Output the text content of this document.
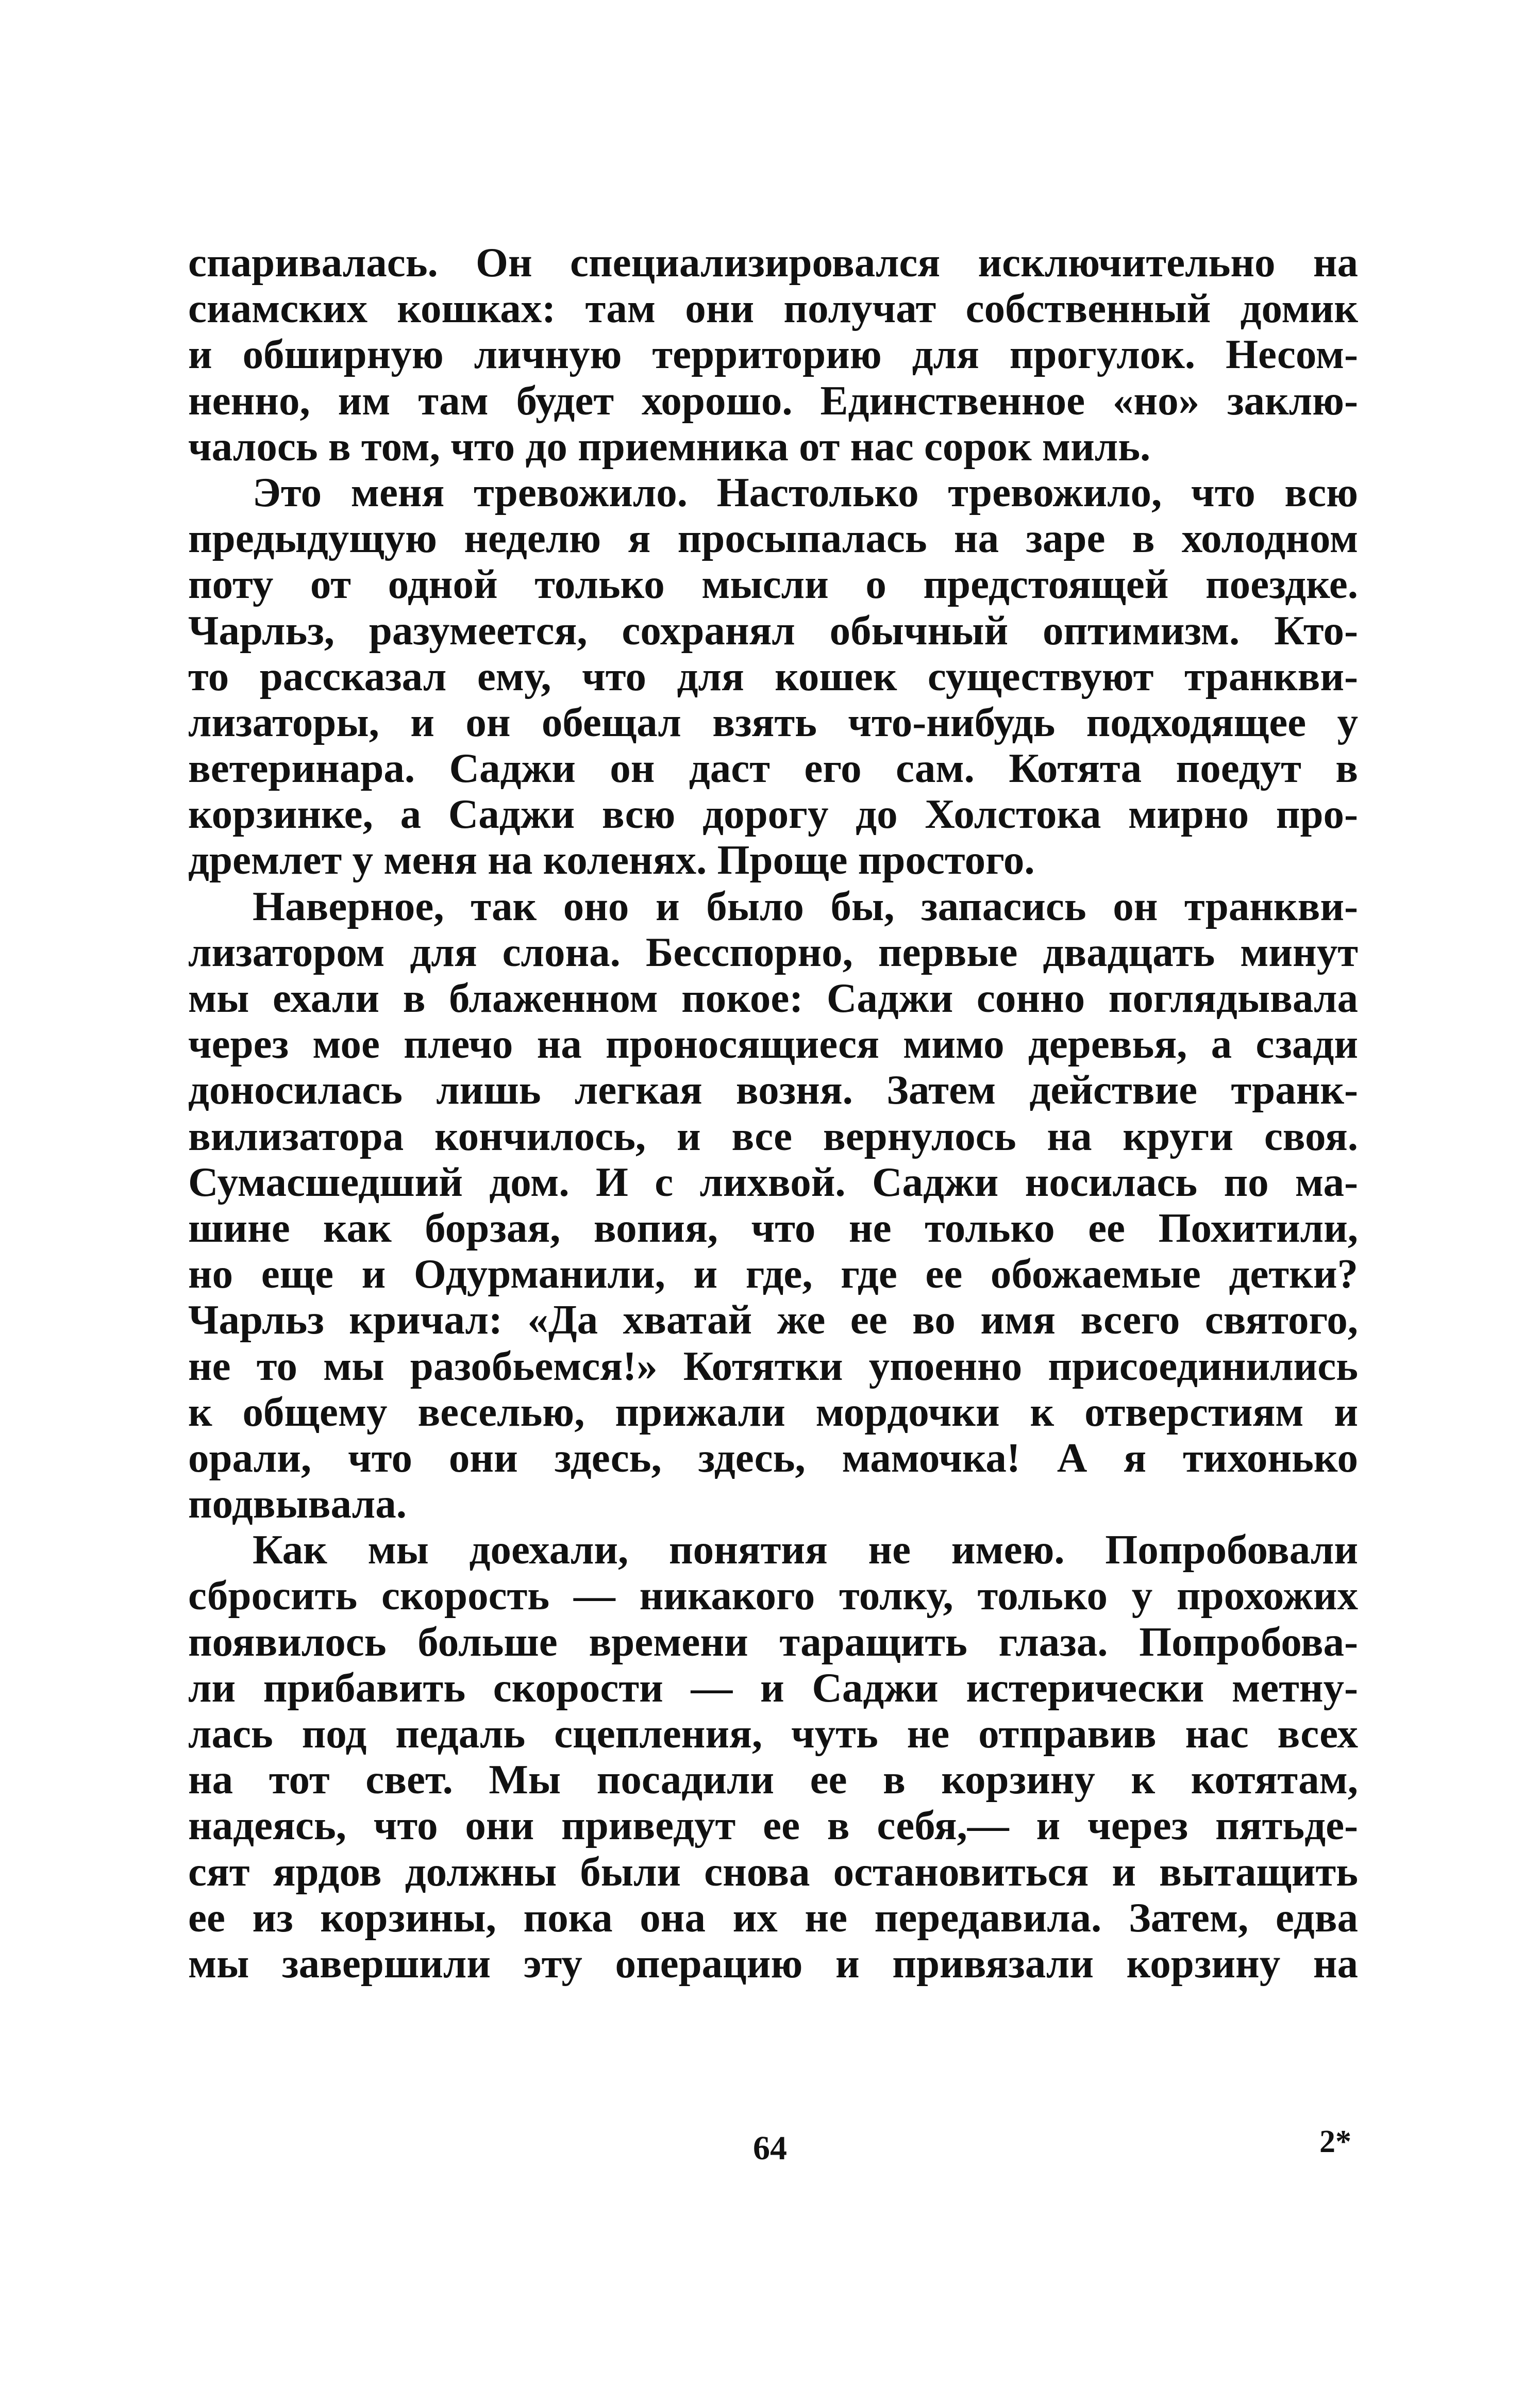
спаривалась. Он специализировался исключительно на
сиамских кошках: там они получат собственный домик
и обширную личную территорию для прогулок. Несом-
ненно, им там будет хорошо. Единственное «но» заклю-
чалось в том, что до приемника от нас сорок миль.
Это меня тревожило. Настолько тревожило, что всю
предыдущую неделю я просыпалась на заре в холодном
поту от одной только мысли о предстоящей поездке.
Чарльз, разумеется, сохранял обычный оптимизм. Кто-
то рассказал ему, что для кошек существуют транкви-
лизаторы, и он обещал взять что-нибудь подходящее у
ветеринара. Саджи он даст его сам. Котята поедут в
корзинке, а Саджи всю дорогу до Холстока мирно про-
дремлет у меня на коленях. Проще простого.
Наверное, так оно и было бы, запасись он транкви-
лизатором для слона. Бесспорно, первые двадцать минут
мы ехали в блаженном покое: Саджи сонно поглядывала
через мое плечо на проносящиеся мимо деревья, а сзади
доносилась лишь легкая возня. Затем действие транк-
вилизатора кончилось, и все вернулось на круги своя.
Сумасшедший дом. И с лихвой. Саджи носилась по ма-
шине как борзая, вопия, что не только ее Похитили,
но еще и Одурманили, и где, где ее обожаемые детки?
Чарльз кричал: «Да хватай же ее во имя всего святого,
не то мы разобьемся!» Котятки упоенно присоединились
к общему веселью, прижали мордочки к отверстиям и
орали, что они здесь, здесь, мамочка! А я тихонько
подвывала.
Как мы доехали, понятия не имею. Попробовали
сбросить скорость — никакого толку, только у прохожих
появилось больше времени таращить глаза. Попробова-
ли прибавить скорости — и Саджи истерически метну-
лась под педаль сцепления, чуть не отправив нас всех
на тот свет. Мы посадили ее в корзину к котятам,
надеясь, что они приведут ее в себя,— и через пятьде-
сят ярдов должны были снова остановиться и вытащить
ее из корзины, пока она их не передавила. Затем, едва
мы завершили эту операцию и привязали корзину на
64	2*
